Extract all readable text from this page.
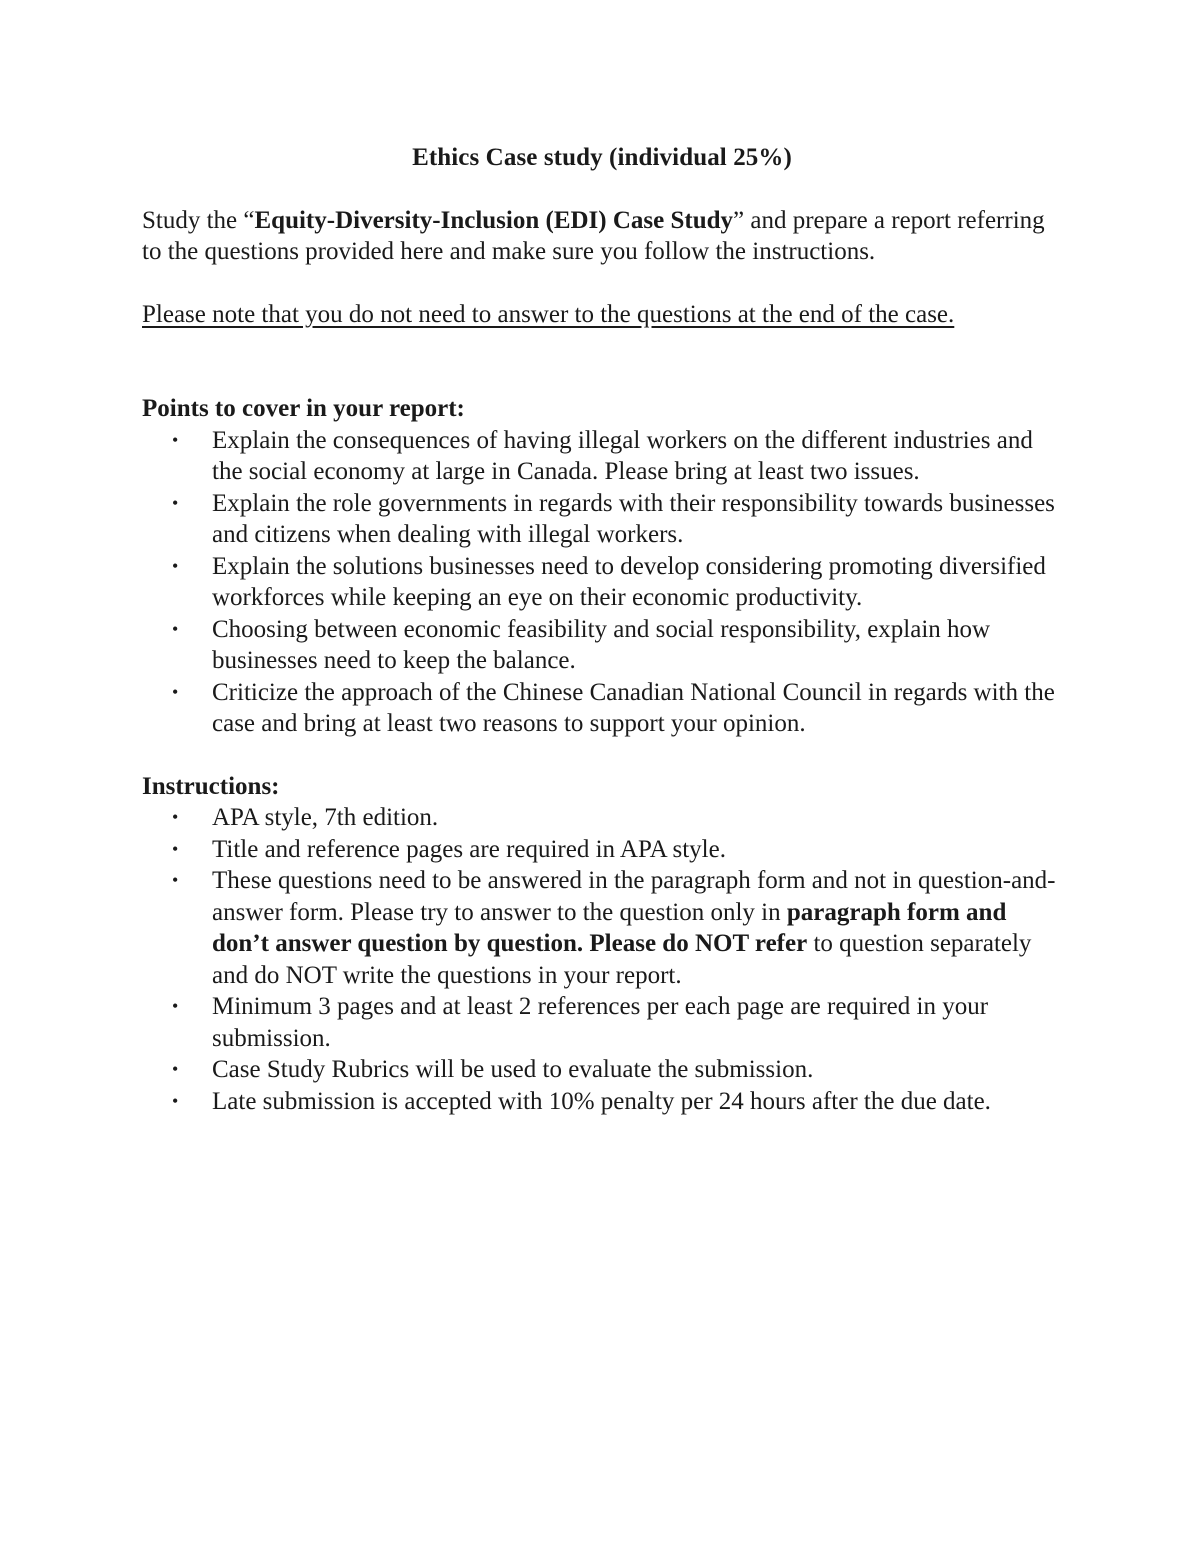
Ethics Case study (individual 25%)

Study the “Equity-Diversity-Inclusion (EDI) Case Study” and prepare a report referring to the questions provided here and make sure you follow the instructions.

Please note that you do not need to answer to the questions at the end of the case.

Points to cover in your report:

• Explain the consequences of having illegal workers on the different industries and the social economy at large in Canada. Please bring at least two issues.
• Explain the role governments in regards with their responsibility towards businesses and citizens when dealing with illegal workers.
• Explain the solutions businesses need to develop considering promoting diversified workforces while keeping an eye on their economic productivity.
• Choosing between economic feasibility and social responsibility, explain how businesses need to keep the balance.
• Criticize the approach of the Chinese Canadian National Council in regards with the case and bring at least two reasons to support your opinion.

Instructions:

• APA style, 7th edition.
• Title and reference pages are required in APA style.
• These questions need to be answered in the paragraph form and not in question-and-answer form. Please try to answer to the question only in paragraph form and don’t answer question by question. Please do NOT refer to question separately and do NOT write the questions in your report.
• Minimum 3 pages and at least 2 references per each page are required in your submission.
• Case Study Rubrics will be used to evaluate the submission.
• Late submission is accepted with 10% penalty per 24 hours after the due date.
